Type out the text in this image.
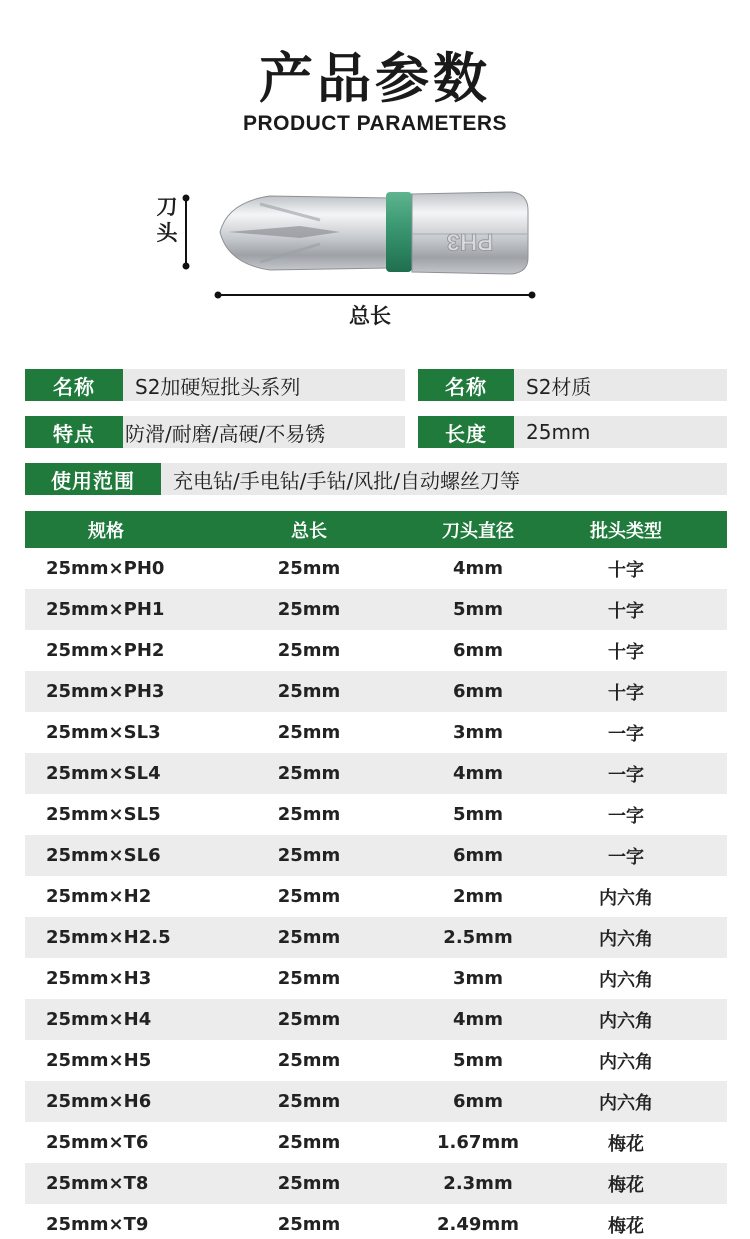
产品参数
PRODUCT PARAMETERS
PH3
刀头
总长
名称	S2加硬短批头系列	名称	S2材质
特点	防滑/耐磨/高硬/不易锈	长度	25mm
使用范围	充电钻/手电钻/手钻/风批/自动螺丝刀等
规格	总长	刀头直径	批头类型
25mm×PH0	25mm	4mm	十字
25mm×PH1	25mm	5mm	十字
25mm×PH2	25mm	6mm	十字
25mm×PH3	25mm	6mm	十字
25mm×SL3	25mm	3mm	一字
25mm×SL4	25mm	4mm	一字
25mm×SL5	25mm	5mm	一字
25mm×SL6	25mm	6mm	一字
25mm×H2	25mm	2mm	内六角
25mm×H2.5	25mm	2.5mm	内六角
25mm×H3	25mm	3mm	内六角
25mm×H4	25mm	4mm	内六角
25mm×H5	25mm	5mm	内六角
25mm×H6	25mm	6mm	内六角
25mm×T6	25mm	1.67mm	梅花
25mm×T8	25mm	2.3mm	梅花
25mm×T9	25mm	2.49mm	梅花
